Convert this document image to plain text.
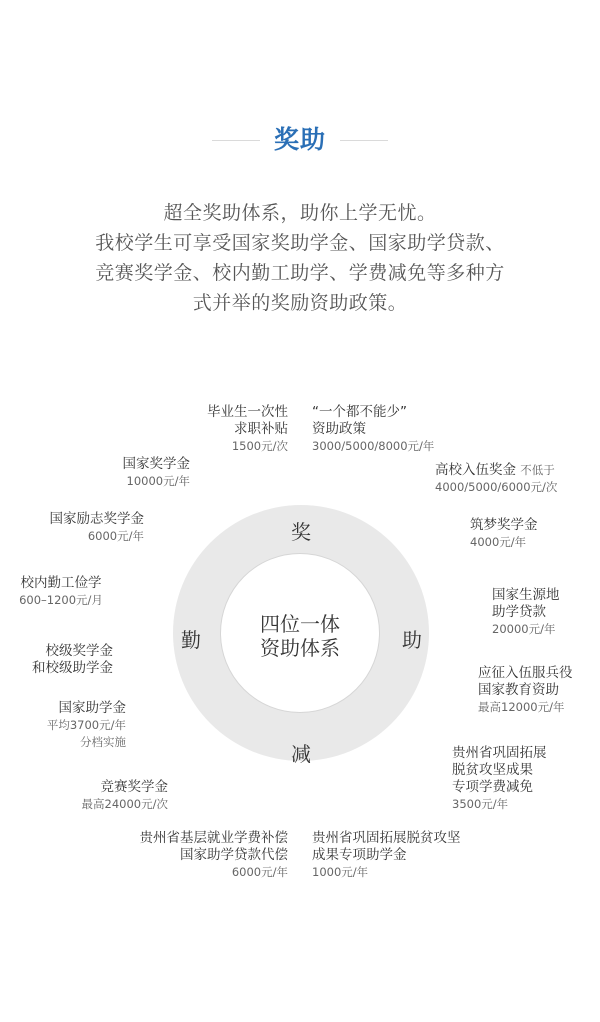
奖助
超全奖助体系，助你上学无忧。
我校学生可享受国家奖助学金、国家助学贷款、
竞赛奖学金、校内勤工助学、学费减免等多种方
式并举的奖励资助政策。
四位一体
资助体系
奖
助
减
勤
毕业生一次性
求职补贴
1500元/次
“一个都不能少”
资助政策
3000/5000/8000元/年
国家奖学金
10000元/年
国家励志奖学金
6000元/年
校内勤工俭学
600–1200元/月
校级奖学金
和校级助学金
国家助学金
平均3700元/年
分档实施
竞赛奖学金
最高24000元/次
高校入伍奖金 不低于
4000/5000/6000元/次
筑梦奖学金
4000元/年
国家生源地
助学贷款
20000元/年
应征入伍服兵役
国家教育资助
最高12000元/年
贵州省巩固拓展
脱贫攻坚成果
专项学费减免
3500元/年
贵州省基层就业学费补偿
国家助学贷款代偿
6000元/年
贵州省巩固拓展脱贫攻坚
成果专项助学金
1000元/年
